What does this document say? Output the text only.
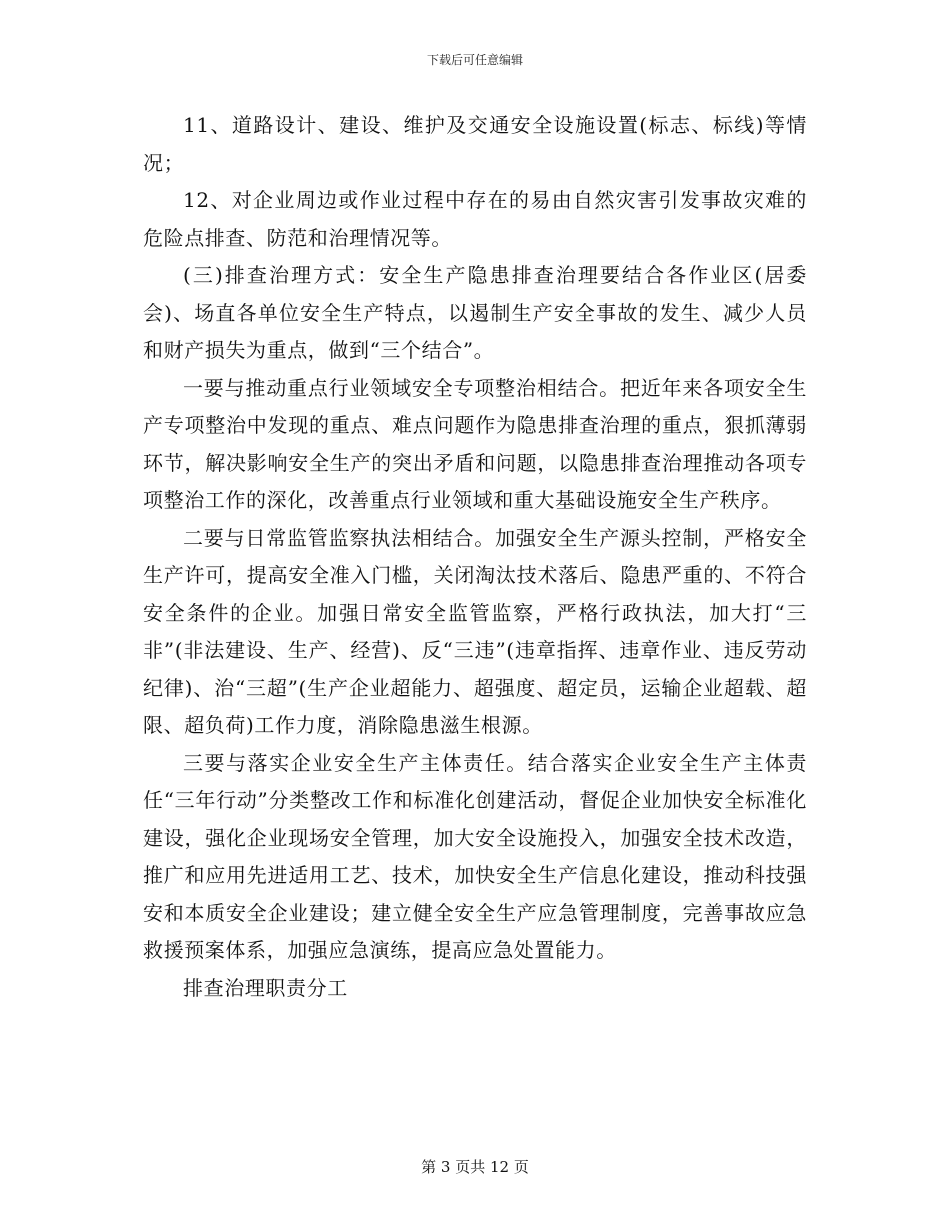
下载后可任意编辑

11、道路设计、建设、维护及交通安全设施设置(标志、标线)等情况；

12、对企业周边或作业过程中存在的易由自然灾害引发事故灾难的危险点排查、防范和治理情况等。

(三)排查治理方式：安全生产隐患排查治理要结合各作业区(居委会)、场直各单位安全生产特点，以遏制生产安全事故的发生、减少人员和财产损失为重点，做到“三个结合”。

一要与推动重点行业领域安全专项整治相结合。把近年来各项安全生产专项整治中发现的重点、难点问题作为隐患排查治理的重点，狠抓薄弱环节，解决影响安全生产的突出矛盾和问题，以隐患排查治理推动各项专项整治工作的深化，改善重点行业领域和重大基础设施安全生产秩序。

二要与日常监管监察执法相结合。加强安全生产源头控制，严格安全生产许可，提高安全准入门槛，关闭淘汰技术落后、隐患严重的、不符合安全条件的企业。加强日常安全监管监察，严格行政执法，加大打“三非”(非法建设、生产、经营)、反“三违”(违章指挥、违章作业、违反劳动纪律)、治“三超”(生产企业超能力、超强度、超定员，运输企业超载、超限、超负荷)工作力度，消除隐患滋生根源。

三要与落实企业安全生产主体责任。结合落实企业安全生产主体责任“三年行动”分类整改工作和标准化创建活动，督促企业加快安全标准化建设，强化企业现场安全管理，加大安全设施投入，加强安全技术改造，推广和应用先进适用工艺、技术，加快安全生产信息化建设，推动科技强安和本质安全企业建设；建立健全安全生产应急管理制度，完善事故应急救援预案体系，加强应急演练，提高应急处置能力。

排查治理职责分工

第 3 页共 12 页
